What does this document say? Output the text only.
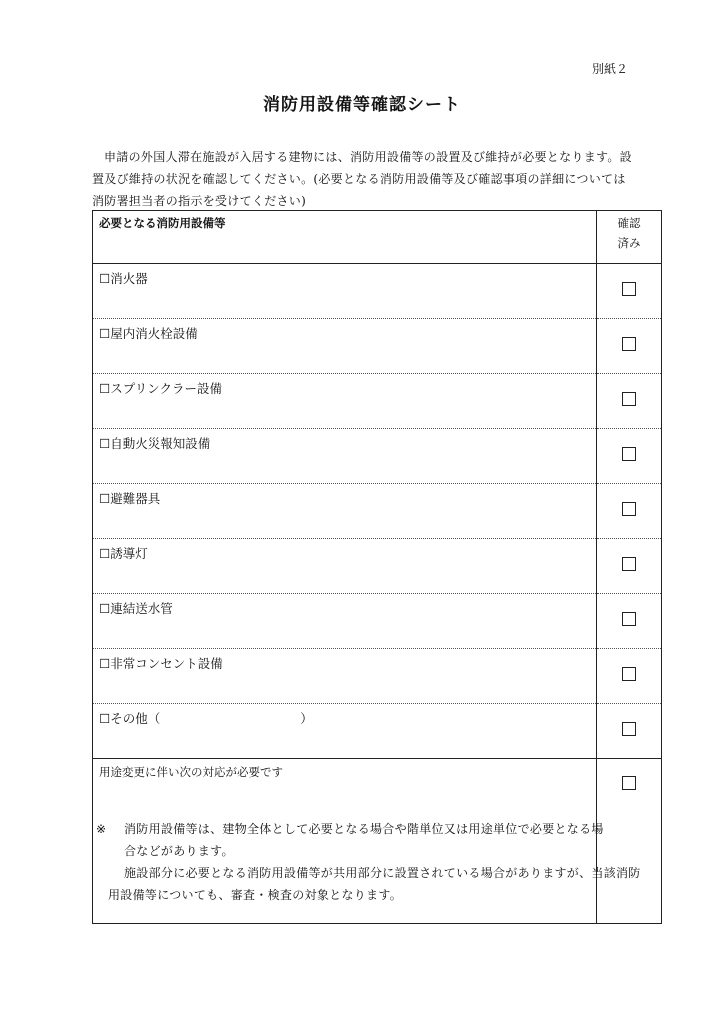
別紙２
消防用設備等確認シート
申請の外国人滞在施設が入居する建物には、消防用設備等の設置及び維持が必要となります。設置及び維持の状況を確認してください。(必要となる消防用設備等及び確認事項の詳細については消防署担当者の指示を受けてください)
必要となる消防用設備等	確認
済み

☐消火器	
☐屋内消火栓設備	
☐スプリンクラー設備	
☐自動火災報知設備	
☐避難器具	
☐誘導灯	
☐連結送水管	
☐非常コンセント設備	
☐その他（ ）	
用途変更に伴い次の対応が必要です	
※ 消防用設備等は、建物全体として必要となる場合や階単位又は用途単位で必要となる場
合などがあります。
施設部分に必要となる消防用設備等が共用部分に設置されている場合がありますが、当該消防用設備等についても、審査・検査の対象となります。
